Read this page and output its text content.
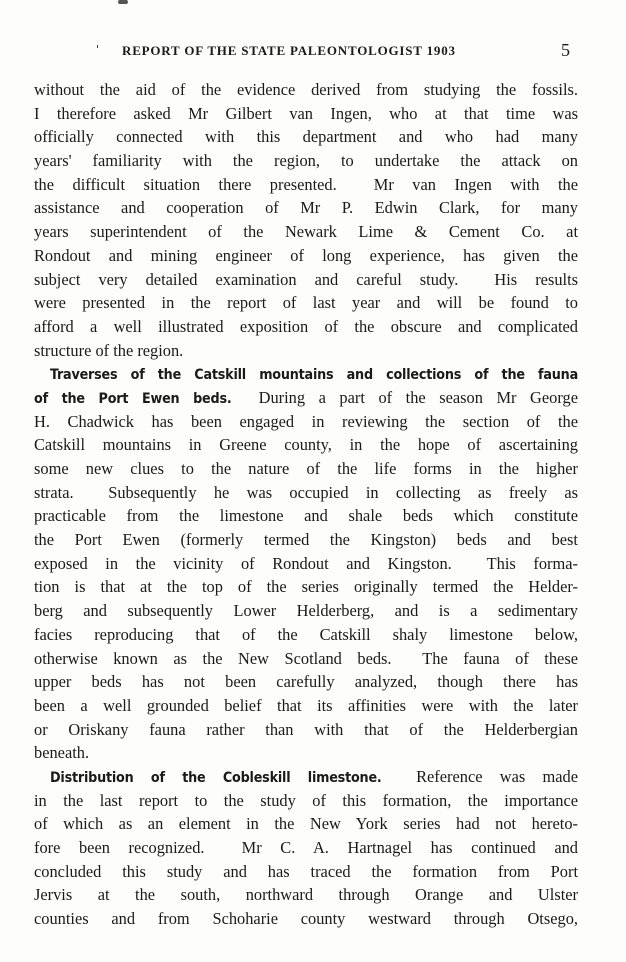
' REPORT OF THE STATE PALEONTOLOGIST 1903	5
without the aid of the evidence derived from studying the fossils.
I therefore asked Mr Gilbert van Ingen, who at that time was
officially connected with this department and who had many
years' familiarity with the region, to undertake the attack on
the difficult situation there presented.  Mr van Ingen with the
assistance and cooperation of Mr P. Edwin Clark, for many
years superintendent of the Newark Lime & Cement Co. at
Rondout and mining engineer of long experience, has given the
subject very detailed examination and careful study.  His results
were presented in the report of last year and will be found to
afford a well illustrated exposition of the obscure and complicated
structure of the region.
Traverses of the Catskill mountains and collections of the fauna
of the Port Ewen beds.  During a part of the season Mr George
H. Chadwick has been engaged in reviewing the section of the
Catskill mountains in Greene county, in the hope of ascertaining
some new clues to the nature of the life forms in the higher
strata.  Subsequently he was occupied in collecting as freely as
practicable from the limestone and shale beds which constitute
the Port Ewen (formerly termed the Kingston) beds and best
exposed in the vicinity of Rondout and Kingston.  This forma-
tion is that at the top of the series originally termed the Helder-
berg and subsequently Lower Helderberg, and is a sedimentary
facies reproducing that of the Catskill shaly limestone below,
otherwise known as the New Scotland beds.  The fauna of these
upper beds has not been carefully analyzed, though there has
been a well grounded belief that its affinities were with the later
or Oriskany fauna rather than with that of the Helderbergian
beneath.
Distribution of the Cobleskill limestone.  Reference was made
in the last report to the study of this formation, the importance
of which as an element in the New York series had not hereto-
fore been recognized.  Mr C. A. Hartnagel has continued and
concluded this study and has traced the formation from Port
Jervis at the south, northward through Orange and Ulster
counties and from Schoharie county westward through Otsego,
